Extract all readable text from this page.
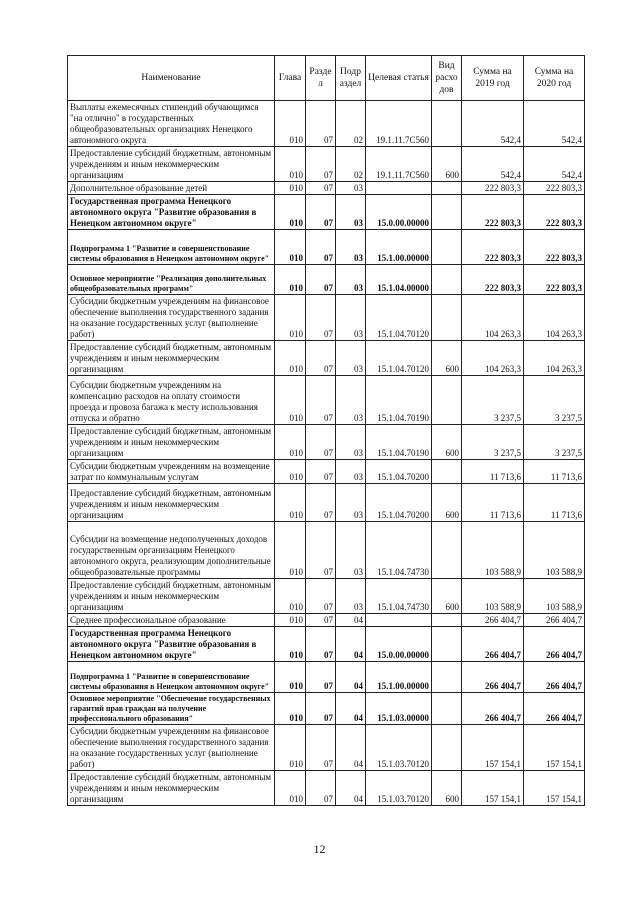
Наименование	Глава	Разде л	Подр аздел	Целевая статья	Вид расхо дов	Сумма на 2019 год	Сумма на 2020 год
Выплаты ежемесячных стипендий обучающимся "на отлично" в государственных общеобразовательных организациях Ненецкого автономного округа	010	07	02	19.1.11.7С560		542,4	542,4
Предоставление субсидий бюджетным, автономным учреждениям и иным некоммерческим организациям	010	07	02	19.1.11.7С560	600	542,4	542,4
Дополнительное образование детей	010	07	03			222 803,3	222 803,3
Государственная программа Ненецкого автономного округа "Развитие образования в Ненецком автономном округе"	010	07	03	15.0.00.00000		222 803,3	222 803,3
Подпрограмма 1 "Развитие и совершенствование системы образования в Ненецком автономном округе"	010	07	03	15.1.00.00000		222 803,3	222 803,3
Основное мероприятие "Реализация дополнительных общеобразовательных программ"	010	07	03	15.1.04.00000		222 803,3	222 803,3
Субсидии бюджетным учреждениям на финансовое обеспечение выполнения государственного задания на оказание государственных услуг (выполнение работ)	010	07	03	15.1.04.70120		104 263,3	104 263,3
Предоставление субсидий бюджетным, автономным учреждениям и иным некоммерческим организациям	010	07	03	15.1.04.70120	600	104 263,3	104 263,3
Субсидии бюджетным учреждениям на компенсацию расходов на оплату стоимости проезда и провоза багажа к месту использования отпуска и обратно	010	07	03	15.1.04.70190		3 237,5	3 237,5
Предоставление субсидий бюджетным, автономным учреждениям и иным некоммерческим организациям	010	07	03	15.1.04.70190	600	3 237,5	3 237,5
Субсидии бюджетным учреждениям на возмещение затрат по коммунальным услугам	010	07	03	15.1.04.70200		11 713,6	11 713,6
Предоставление субсидий бюджетным, автономным учреждениям и иным некоммерческим организациям	010	07	03	15.1.04.70200	600	11 713,6	11 713,6
Субсидии на возмещение недополученных доходов государственным организациям Ненецкого автономного округа, реализующим дополнительные общеобразовательные программы	010	07	03	15.1.04.74730		103 588,9	103 588,9
Предоставление субсидий бюджетным, автономным учреждениям и иным некоммерческим организациям	010	07	03	15.1.04.74730	600	103 588,9	103 588,9
Среднее профессиональное образование	010	07	04			266 404,7	266 404,7
Государственная программа Ненецкого автономного округа "Развитие образования в Ненецком автономном округе"	010	07	04	15.0.00.00000		266 404,7	266 404,7
Подпрограмма 1 "Развитие и совершенствование системы образования в Ненецком автономном округе"	010	07	04	15.1.00.00000		266 404,7	266 404,7
Основное мероприятие "Обеспечение государственных гарантий прав граждан на получение профессионального образования"	010	07	04	15.1.03.00000		266 404,7	266 404,7
Субсидии бюджетным учреждениям на финансовое обеспечение выполнения государственного задания на оказание государственных услуг (выполнение работ)	010	07	04	15.1.03.70120		157 154,1	157 154,1
Предоставление субсидий бюджетным, автономным учреждениям и иным некоммерческим организациям	010	07	04	15.1.03.70120	600	157 154,1	157 154,1
12
